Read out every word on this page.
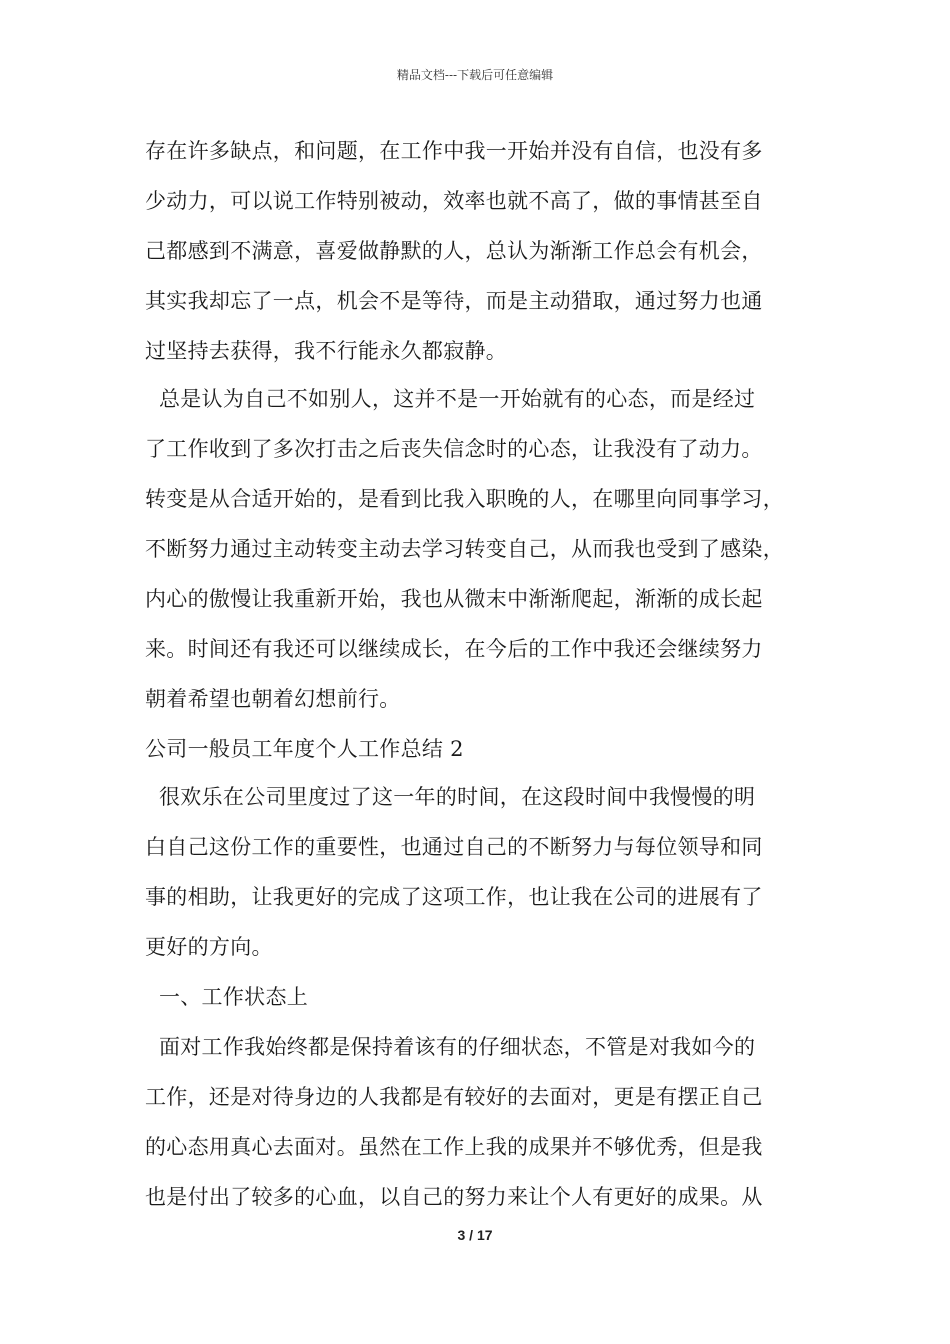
精品文档---下载后可任意编辑
存在许多缺点，和问题，在工作中我一开始并没有自信，也没有多
少动力，可以说工作特别被动，效率也就不高了，做的事情甚至自
己都感到不满意，喜爱做静默的人，总认为渐渐工作总会有机会，
其实我却忘了一点，机会不是等待，而是主动猎取，通过努力也通
过坚持去获得，我不行能永久都寂静。
总是认为自己不如别人，这并不是一开始就有的心态，而是经过
了工作收到了多次打击之后丧失信念时的心态，让我没有了动力。
转变是从合适开始的，是看到比我入职晚的人，在哪里向同事学习，
不断努力通过主动转变主动去学习转变自己，从而我也受到了感染，
内心的傲慢让我重新开始，我也从微末中渐渐爬起，渐渐的成长起
来。时间还有我还可以继续成长，在今后的工作中我还会继续努力
朝着希望也朝着幻想前行。
公司一般员工年度个人工作总结 2
很欢乐在公司里度过了这一年的时间，在这段时间中我慢慢的明
白自己这份工作的重要性，也通过自己的不断努力与每位领导和同
事的相助，让我更好的完成了这项工作，也让我在公司的进展有了
更好的方向。
一、工作状态上
面对工作我始终都是保持着该有的仔细状态，不管是对我如今的
工作，还是对待身边的人我都是有较好的去面对，更是有摆正自己
的心态用真心去面对。虽然在工作上我的成果并不够优秀，但是我
也是付出了较多的心血，以自己的努力来让个人有更好的成果。从
3 / 17
